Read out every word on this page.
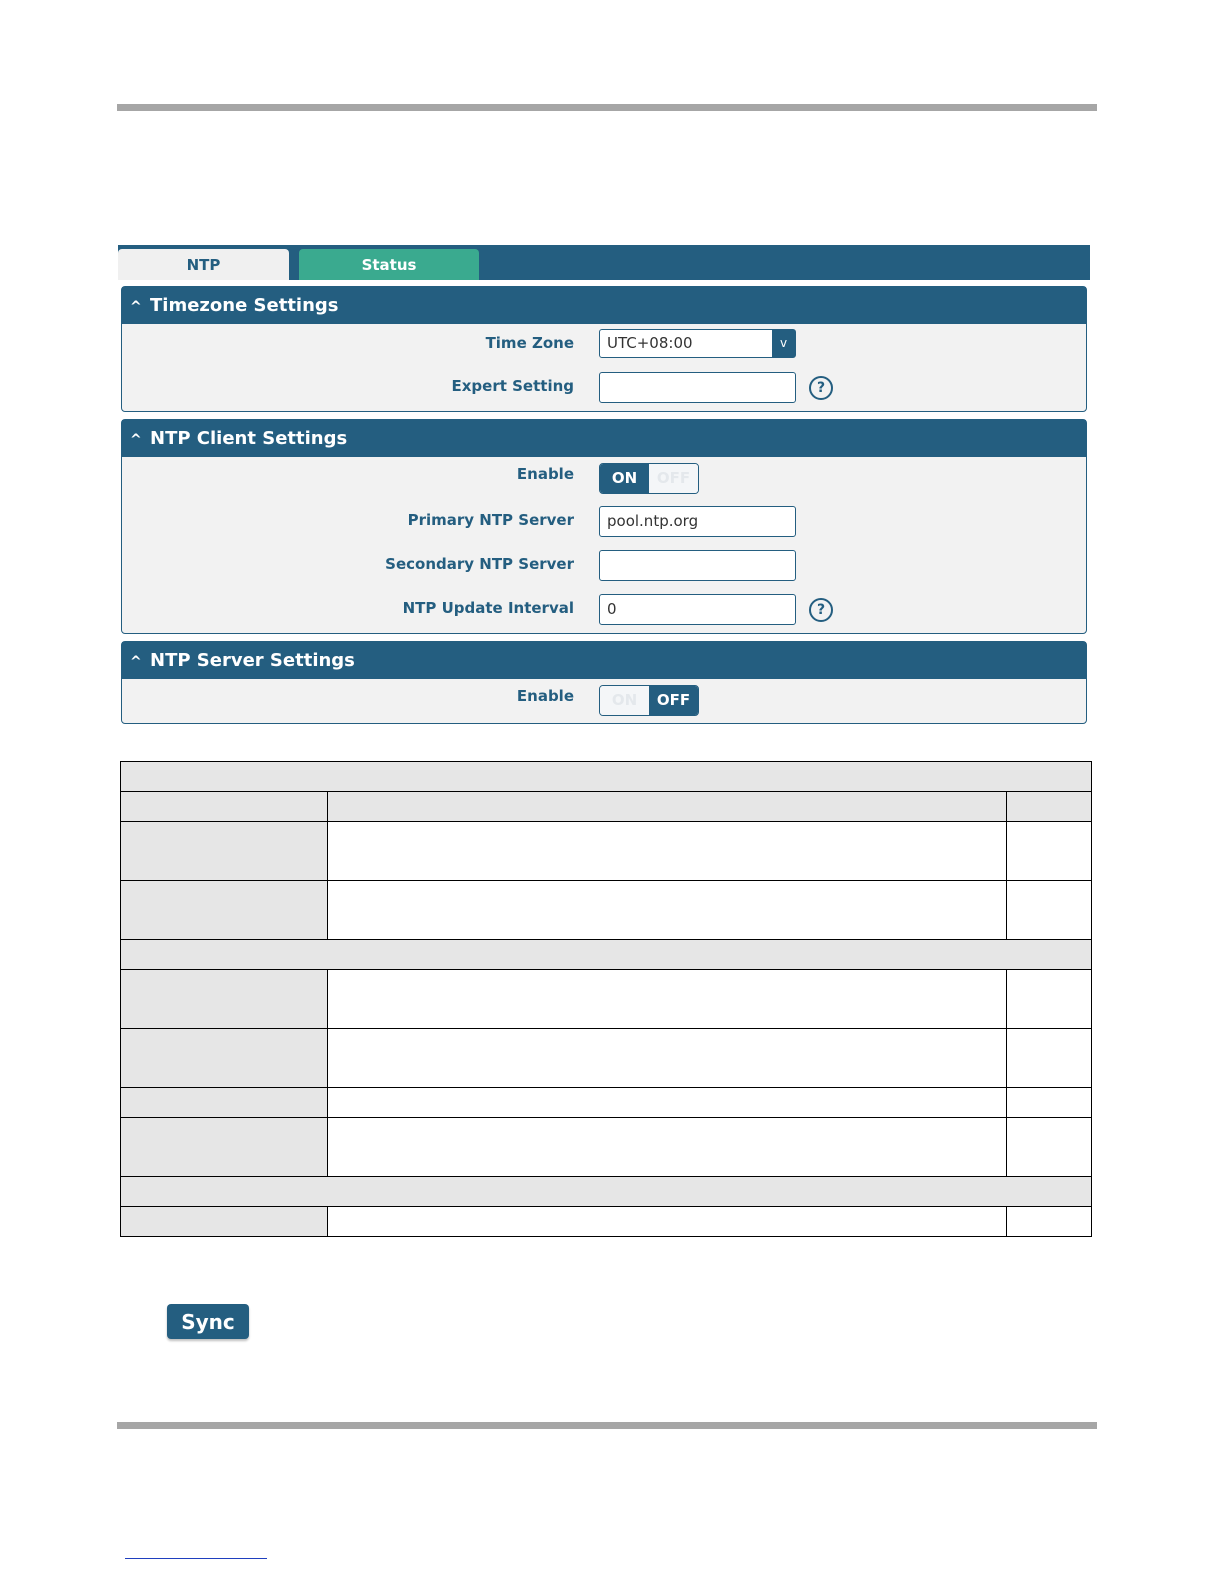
NTP	Status
^ Timezone Settings
Time Zone	UTC+08:00	v
Expert Setting	?
^ NTP Client Settings
Enable	ON	OFF
Primary NTP Server	pool.ntp.org
Secondary NTP Server
NTP Update Interval	0	?
^ NTP Server Settings
Enable	ON	OFF

Sync
